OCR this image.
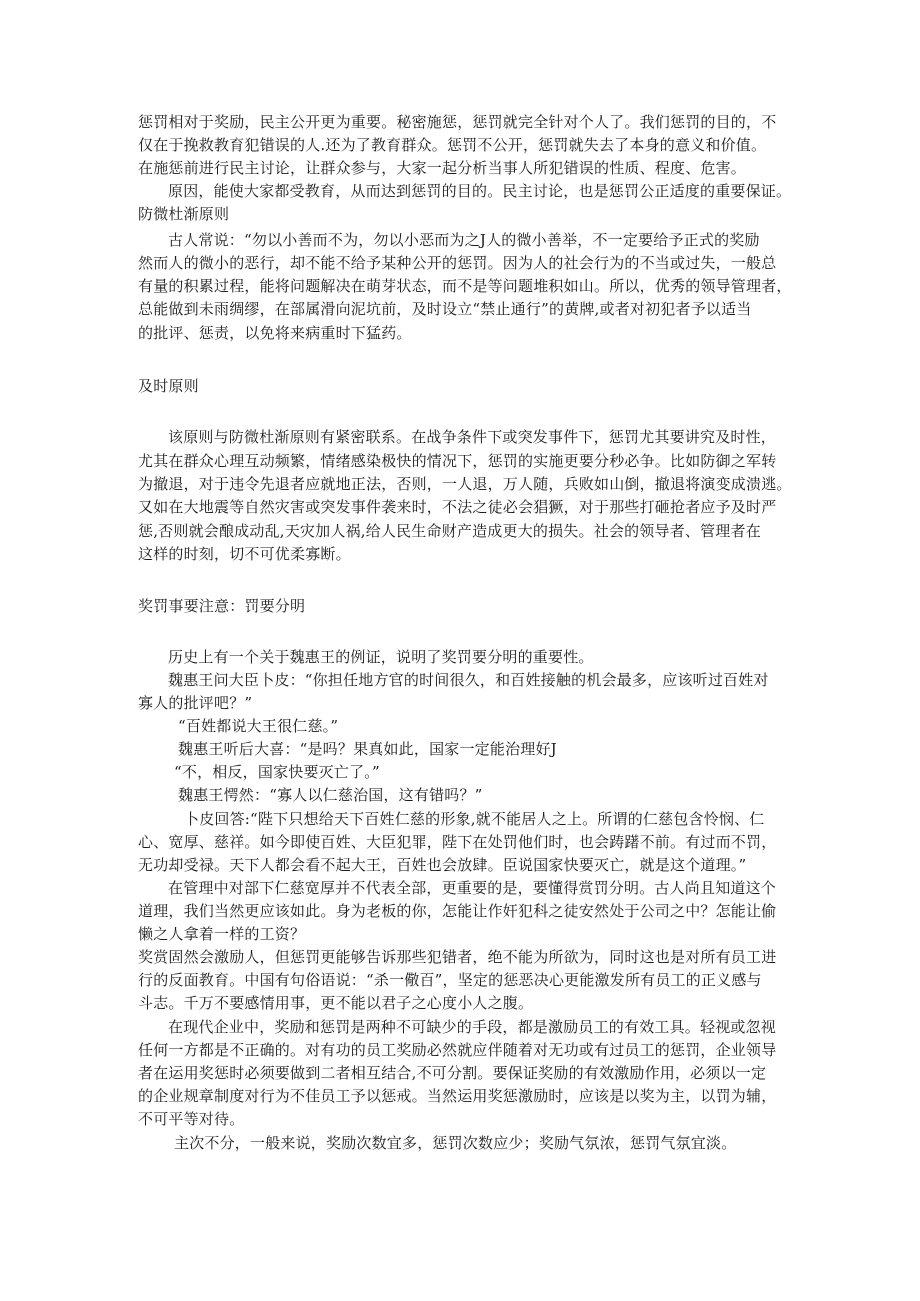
惩罚相对于奖励，民主公开更为重要。秘密施惩，惩罚就完全针对个人了。我们惩罚的目的，不
仅在于挽救教育犯错误的人.还为了教育群众。惩罚不公开，惩罚就失去了本身的意义和价值。
在施惩前进行民主讨论，让群众参与，大家一起分析当事人所犯错误的性质、程度、危害。
原因，能使大家都受教育，从而达到惩罚的目的。民主讨论，也是惩罚公正适度的重要保证。
防微杜渐原则
古人常说：“勿以小善而不为，勿以小恶而为之J人的微小善举，不一定要给予正式的奖励
然而人的微小的恶行，却不能不给予某种公开的惩罚。因为人的社会行为的不当或过失，一般总
有量的积累过程，能将问题解决在萌芽状态，而不是等问题堆积如山。所以，优秀的领导管理者，
总能做到未雨绸缪，在部属滑向泥坑前，及时设立“禁止通行”的黄牌,或者对初犯者予以适当
的批评、惩责，以免将来病重时下猛药。
及时原则
该原则与防微杜渐原则有紧密联系。在战争条件下或突发事件下，惩罚尤其要讲究及时性，
尤其在群众心理互动频繁，情绪感染极快的情况下，惩罚的实施更要分秒必争。比如防御之军转
为撤退，对于违令先退者应就地正法，否则，一人退，万人随，兵败如山倒，撤退将演变成溃逃。
又如在大地震等自然灾害或突发事件袭来时，不法之徒必会猖獗，对于那些打砸抢者应予及时严
惩,否则就会酿成动乱,天灾加人祸,给人民生命财产造成更大的损失。社会的领导者、管理者在
这样的时刻，切不可优柔寡断。
奖罚事要注意：罚要分明
历史上有一个关于魏惠王的例证，说明了奖罚要分明的重要性。
魏惠王问大臣卜皮：“你担任地方官的时间很久，和百姓接触的机会最多，应该听过百姓对
寡人的批评吧？”
“百姓都说大王很仁慈。”
魏惠王听后大喜：“是吗？果真如此，国家一定能治理好J
“不，相反，国家快要灭亡了。”
魏惠王愕然：“寡人以仁慈治国，这有错吗？”
卜皮回答:“陛下只想给天下百姓仁慈的形象,就不能居人之上。所谓的仁慈包含怜悯、仁
心、宽厚、慈祥。如今即使百姓、大臣犯罪，陛下在处罚他们时，也会踌躇不前。有过而不罚，
无功却受禄。天下人都会看不起大王，百姓也会放肆。臣说国家快要灭亡，就是这个道理。”
在管理中对部下仁慈宽厚并不代表全部，更重要的是，要懂得赏罚分明。古人尚且知道这个
道理，我们当然更应该如此。身为老板的你，怎能让作奸犯科之徒安然处于公司之中？怎能让偷
懒之人拿着一样的工资？
奖赏固然会激励人，但惩罚更能够告诉那些犯错者，绝不能为所欲为，同时这也是对所有员工进
行的反面教育。中国有句俗语说：“杀一儆百”，坚定的惩恶决心更能激发所有员工的正义感与
斗志。千万不要感情用事，更不能以君子之心度小人之腹。
在现代企业中，奖励和惩罚是两种不可缺少的手段，都是激励员工的有效工具。轻视或忽视
任何一方都是不正确的。对有功的员工奖励必然就应伴随着对无功或有过员工的惩罚，企业领导
者在运用奖惩时必须要做到二者相互结合,不可分割。要保证奖励的有效激励作用，必须以一定
的企业规章制度对行为不佳员工予以惩戒。当然运用奖惩激励时，应该是以奖为主，以罚为辅，
不可平等对待。
主次不分，一般来说，奖励次数宜多，惩罚次数应少；奖励气氛浓，惩罚气氛宜淡。
